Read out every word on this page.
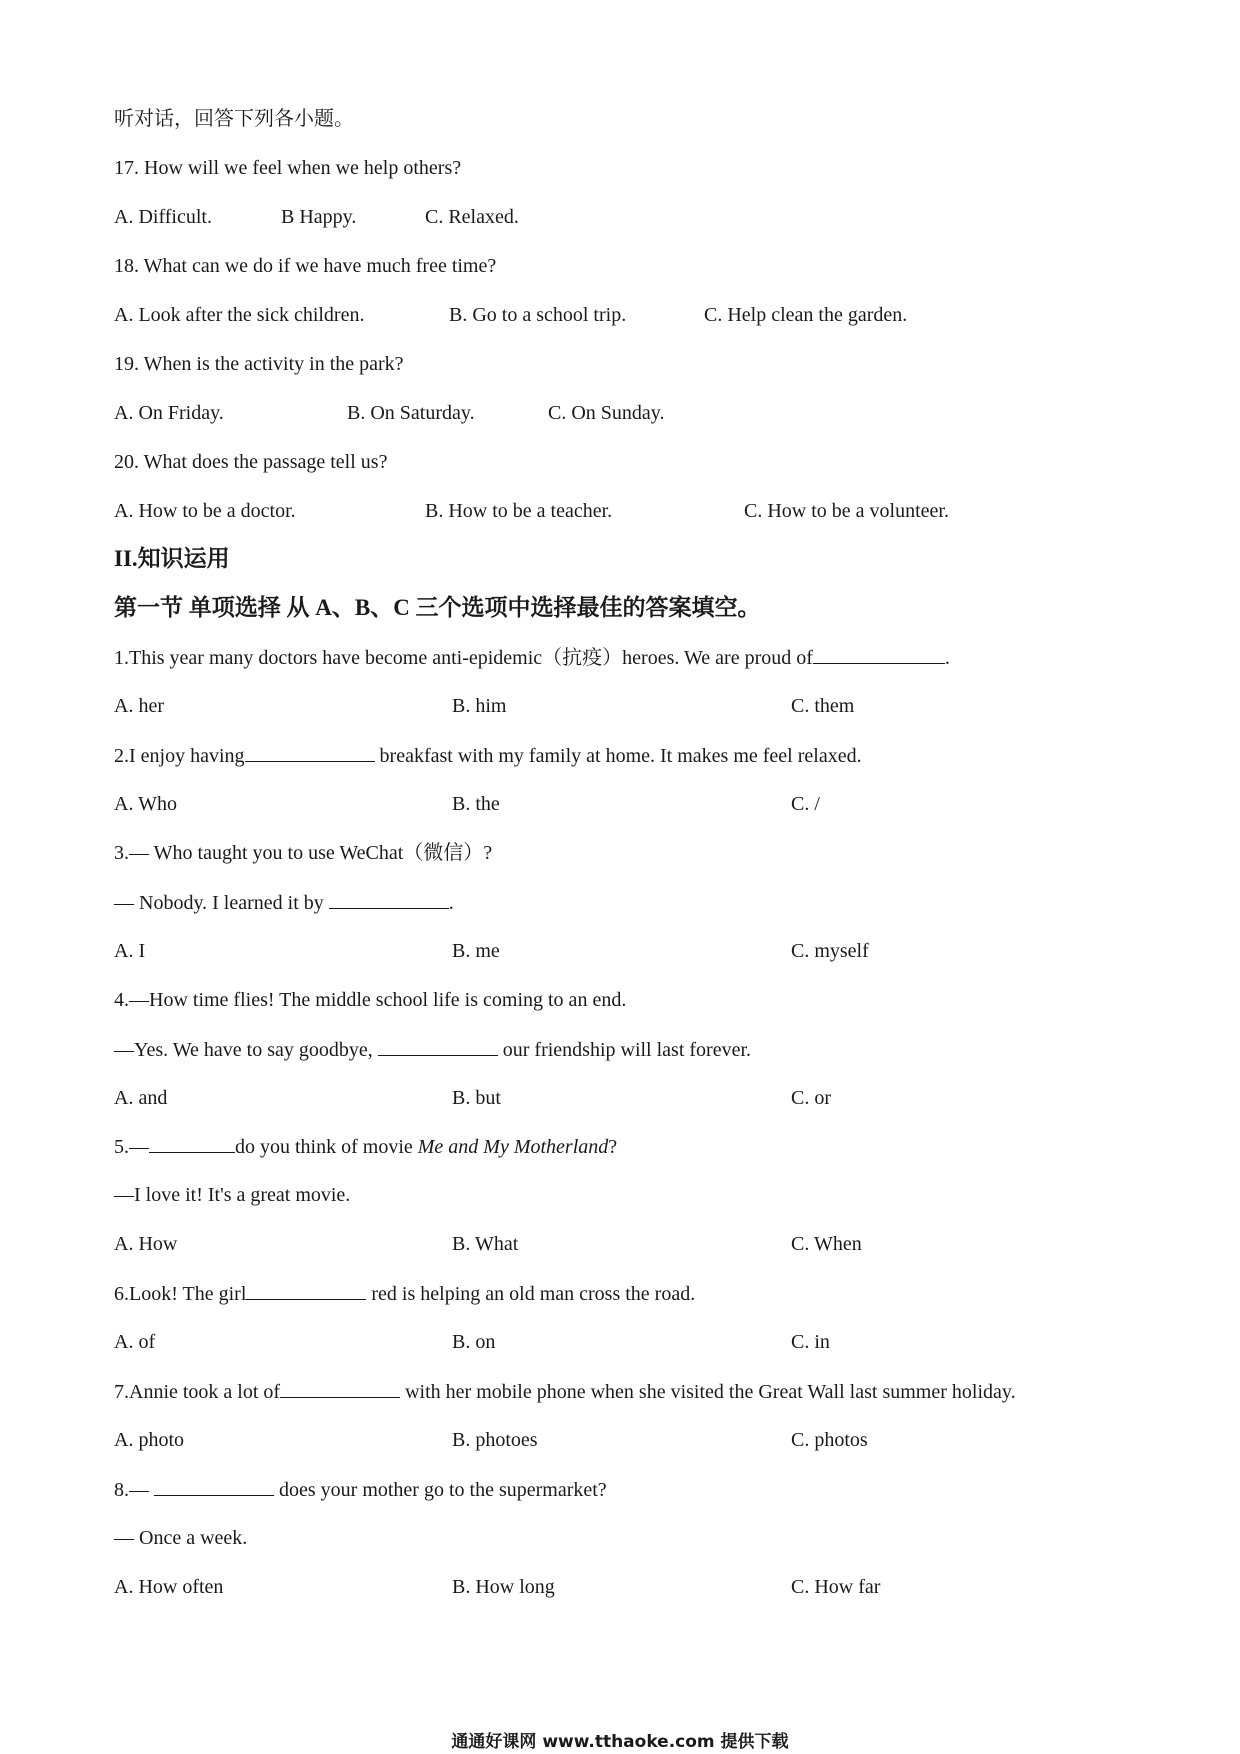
听对话，回答下列各小题。
17. How will we feel when we help others?
A. Difficult.	B Happy.	C. Relaxed.
18. What can we do if we have much free time?
A. Look after the sick children.	B. Go to a school trip.	C. Help clean the garden.
19. When is the activity in the park?
A. On Friday.	B. On Saturday.	C. On Sunday.
20. What does the passage tell us?
A. How to be a doctor.	B. How to be a teacher.	C. How to be a volunteer.
II.知识运用
第一节 单项选择 从 A、B、C 三个选项中选择最佳的答案填空。
1.This year many doctors have become anti-epidemic（抗疫）heroes. We are proud of	.
A. her	B. him	C. them
2.I enjoy having	breakfast with my family at home. It makes me feel relaxed.
A. Who	B. the	C. /
3.— Who taught you to use WeChat（微信）?
— Nobody. I learned it by	.
A. I	B. me	C. myself
4.—How time flies! The middle school life is coming to an end.
—Yes. We have to say goodbye,	our friendship will last forever.
A. and	B. but	C. or
5.—	do you think of movie Me and My Motherland?
—I love it! It's a great movie.
A. How	B. What	C. When
6.Look! The girl	red is helping an old man cross the road.
A. of	B. on	C. in
7.Annie took a lot of	with her mobile phone when she visited the Great Wall last summer holiday.
A. photo	B. photoes	C. photos
8.—	does your mother go to the supermarket?
— Once a week.
A. How often	B. How long	C. How far
通通好课网 www.tthaoke.com 提供下载
